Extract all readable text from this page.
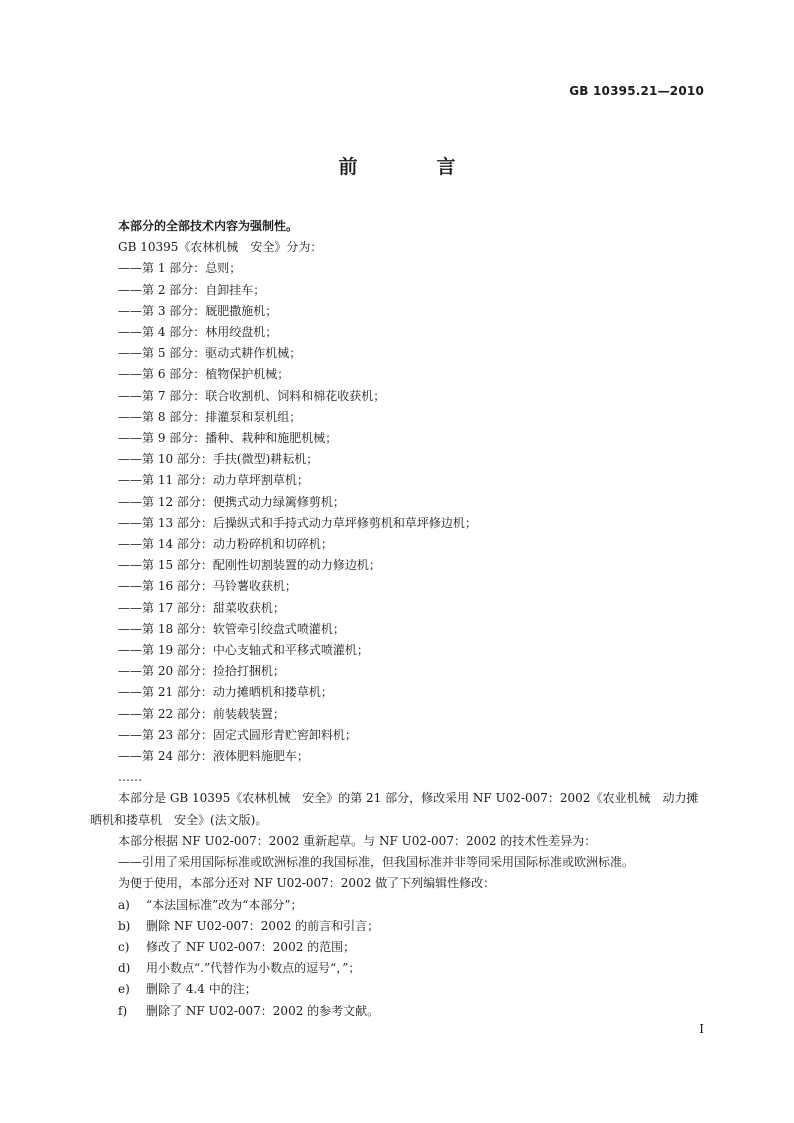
GB 10395.21—2010
前　言
本部分的全部技术内容为强制性。
GB 10395《农林机械　安全》分为：
——第 1 部分：总则；
——第 2 部分：自卸挂车；
——第 3 部分：厩肥撒施机；
——第 4 部分：林用绞盘机；
——第 5 部分：驱动式耕作机械；
——第 6 部分：植物保护机械；
——第 7 部分：联合收割机、饲料和棉花收获机；
——第 8 部分：排灌泵和泵机组；
——第 9 部分：播种、栽种和施肥机械；
——第 10 部分：手扶(微型)耕耘机；
——第 11 部分：动力草坪割草机；
——第 12 部分：便携式动力绿篱修剪机；
——第 13 部分：后操纵式和手持式动力草坪修剪机和草坪修边机；
——第 14 部分：动力粉碎机和切碎机；
——第 15 部分：配刚性切割装置的动力修边机；
——第 16 部分：马铃薯收获机；
——第 17 部分：甜菜收获机；
——第 18 部分：软管牵引绞盘式喷灌机；
——第 19 部分：中心支轴式和平移式喷灌机；
——第 20 部分：捡拾打捆机；
——第 21 部分：动力摊晒机和搂草机；
——第 22 部分：前装载装置；
——第 23 部分：固定式圆形青贮窖卸料机；
——第 24 部分：液体肥料施肥车；
……
本部分是 GB 10395《农林机械　安全》的第 21 部分，修改采用 NF U02-007：2002《农业机械　动力摊晒机和搂草机　安全》(法文版)。
本部分根据 NF U02-007：2002 重新起草。与 NF U02-007：2002 的技术性差异为：
——引用了采用国际标准或欧洲标准的我国标准，但我国标准并非等同采用国际标准或欧洲标准。
为便于使用，本部分还对 NF U02-007：2002 做了下列编辑性修改：
a) “本法国标准”改为“本部分”；
b) 删除 NF U02-007：2002 的前言和引言；
c) 修改了 NF U02-007：2002 的范围；
d) 用小数点“.”代替作为小数点的逗号“，”；
e) 删除了 4.4 中的注；
f) 删除了 NF U02-007：2002 的参考文献。
I
